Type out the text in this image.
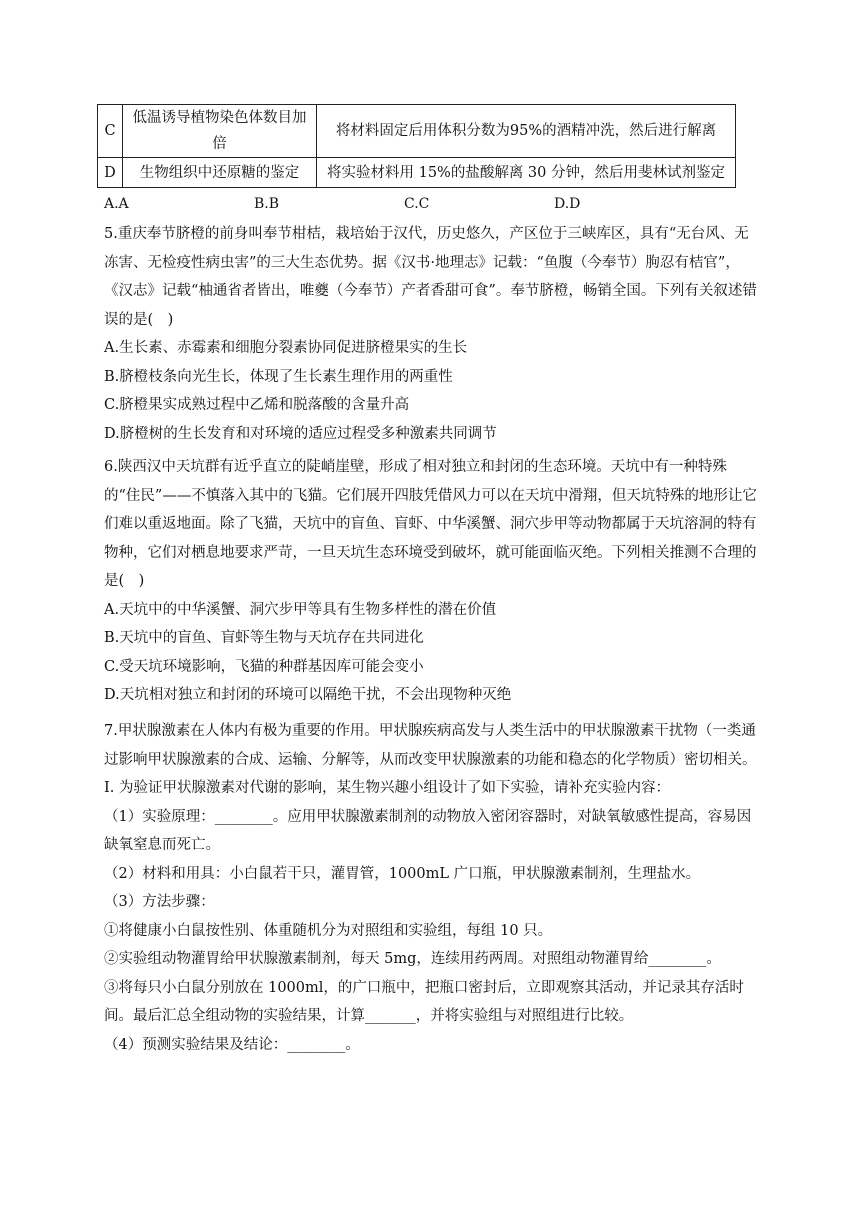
C	低温诱导植物染色体数目加倍	将材料固定后用体积分数为95%的酒精冲洗，然后进行解离
D	生物组织中还原糖的鉴定	将实验材料用 15%的盐酸解离 30 分钟，然后用斐林试剂鉴定
A.A	B.B	C.C	D.D

5.重庆奉节脐橙的前身叫奉节柑桔，栽培始于汉代，历史悠久，产区位于三峡库区，具有“无台风、无冻害、无检疫性病虫害”的三大生态优势。据《汉书·地理志》记载：“鱼腹（今奉节）朐忍有桔官”，《汉志》记载“柚通省者皆出，唯夔（今奉节）产者香甜可食”。奉节脐橙，畅销全国。下列有关叙述错误的是(　)

A.生长素、赤霉素和细胞分裂素协同促进脐橙果实的生长

B.脐橙枝条向光生长，体现了生长素生理作用的两重性

C.脐橙果实成熟过程中乙烯和脱落酸的含量升高

D.脐橙树的生长发育和对环境的适应过程受多种激素共同调节

6.陕西汉中天坑群有近乎直立的陡峭崖壁，形成了相对独立和封闭的生态环境。天坑中有一种特殊的“住民”——不慎落入其中的飞猫。它们展开四肢凭借风力可以在天坑中滑翔，但天坑特殊的地形让它们难以重返地面。除了飞猫，天坑中的盲鱼、盲虾、中华溪蟹、洞穴步甲等动物都属于天坑溶洞的特有物种，它们对栖息地要求严苛，一旦天坑生态环境受到破坏，就可能面临灭绝。下列相关推测不合理的是(　)

A.天坑中的中华溪蟹、洞穴步甲等具有生物多样性的潜在价值

B.天坑中的盲鱼、盲虾等生物与天坑存在共同进化

C.受天坑环境影响，飞猫的种群基因库可能会变小

D.天坑相对独立和封闭的环境可以隔绝干扰，不会出现物种灭绝

7.甲状腺激素在人体内有极为重要的作用。甲状腺疾病高发与人类生活中的甲状腺激素干扰物（一类通过影响甲状腺激素的合成、运输、分解等，从而改变甲状腺激素的功能和稳态的化学物质）密切相关。

I. 为验证甲状腺激素对代谢的影响，某生物兴趣小组设计了如下实验，请补充实验内容：

（1）实验原理：________。应用甲状腺激素制剂的动物放入密闭容器时，对缺氧敏感性提高，容易因缺氧窒息而死亡。

（2）材料和用具：小白鼠若干只，灌胃管，1000mL 广口瓶，甲状腺激素制剂，生理盐水。

（3）方法步骤：

①将健康小白鼠按性别、体重随机分为对照组和实验组，每组 10 只。

②实验组动物灌胃给甲状腺激素制剂，每天 5mg，连续用药两周。对照组动物灌胃给________。

③将每只小白鼠分别放在 1000ml，的广口瓶中，把瓶口密封后，立即观察其活动，并记录其存活时间。最后汇总全组动物的实验结果，计算_______，并将实验组与对照组进行比较。

（4）预测实验结果及结论：________。
